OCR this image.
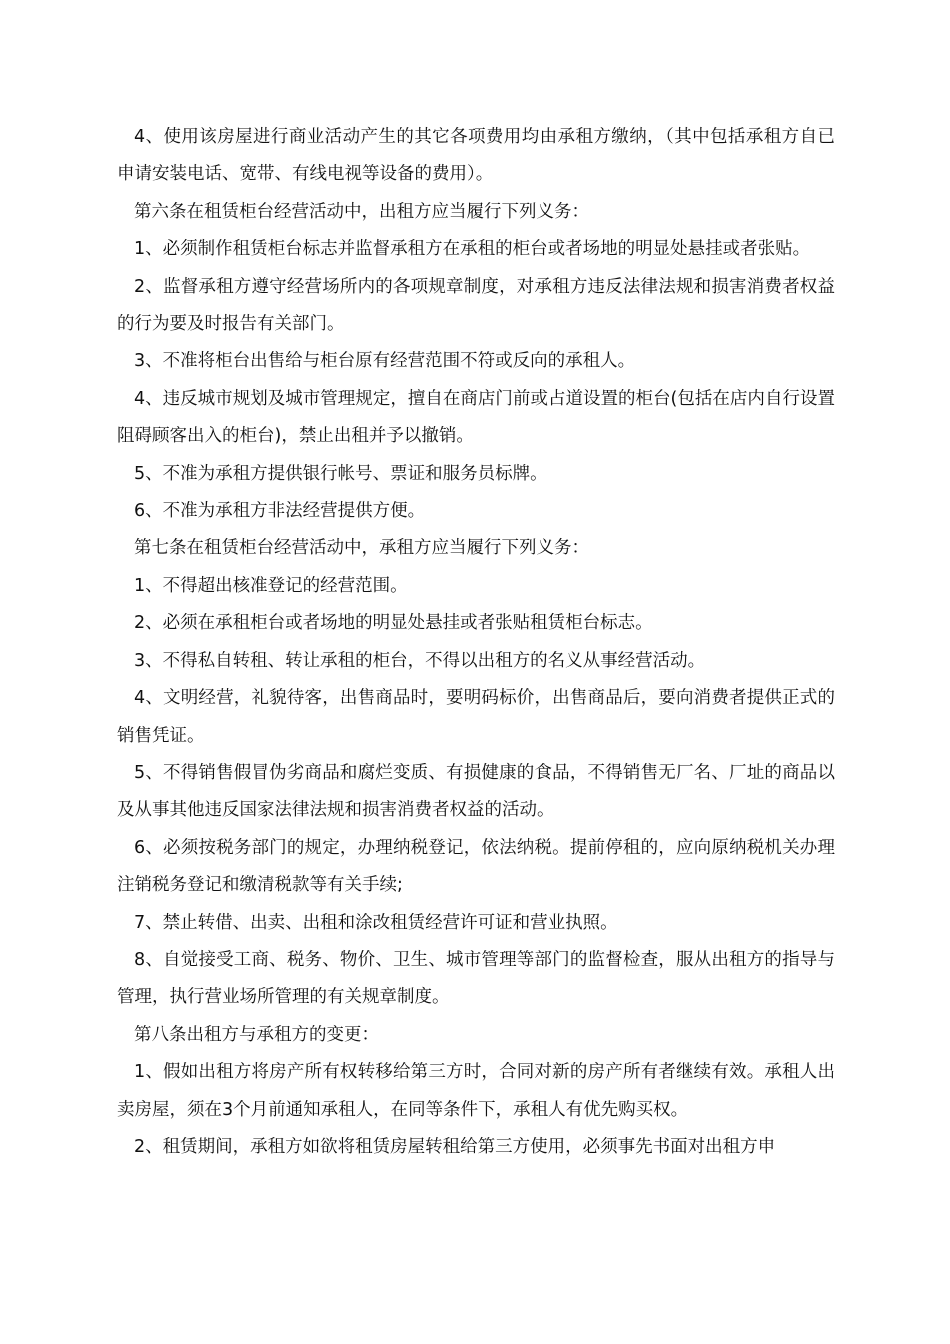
4、使用该房屋进行商业活动产生的其它各项费用均由承租方缴纳，（其中包括承租方自已申请安装电话、宽带、有线电视等设备的费用）。

第六条在租赁柜台经营活动中，出租方应当履行下列义务：

1、必须制作租赁柜台标志并监督承租方在承租的柜台或者场地的明显处悬挂或者张贴。

2、监督承租方遵守经营场所内的各项规章制度，对承租方违反法律法规和损害消费者权益的行为要及时报告有关部门。

3、不准将柜台出售给与柜台原有经营范围不符或反向的承租人。

4、违反城市规划及城市管理规定，擅自在商店门前或占道设置的柜台(包括在店内自行设置阻碍顾客出入的柜台)，禁止出租并予以撤销。

5、不准为承租方提供银行帐号、票证和服务员标牌。

6、不准为承租方非法经营提供方便。

第七条在租赁柜台经营活动中，承租方应当履行下列义务：

1、不得超出核准登记的经营范围。

2、必须在承租柜台或者场地的明显处悬挂或者张贴租赁柜台标志。

3、不得私自转租、转让承租的柜台，不得以出租方的名义从事经营活动。

4、文明经营，礼貌待客，出售商品时，要明码标价，出售商品后，要向消费者提供正式的销售凭证。

5、不得销售假冒伪劣商品和腐烂变质、有损健康的食品，不得销售无厂名、厂址的商品以及从事其他违反国家法律法规和损害消费者权益的活动。

6、必须按税务部门的规定，办理纳税登记，依法纳税。提前停租的，应向原纳税机关办理注销税务登记和缴清税款等有关手续;

7、禁止转借、出卖、出租和涂改租赁经营许可证和营业执照。

8、自觉接受工商、税务、物价、卫生、城市管理等部门的监督检查，服从出租方的指导与管理，执行营业场所管理的有关规章制度。

第八条出租方与承租方的变更：

1、假如出租方将房产所有权转移给第三方时，合同对新的房产所有者继续有效。承租人出卖房屋，须在3个月前通知承租人，在同等条件下，承租人有优先购买权。

2、租赁期间，承租方如欲将租赁房屋转租给第三方使用，必须事先书面对出租方申
